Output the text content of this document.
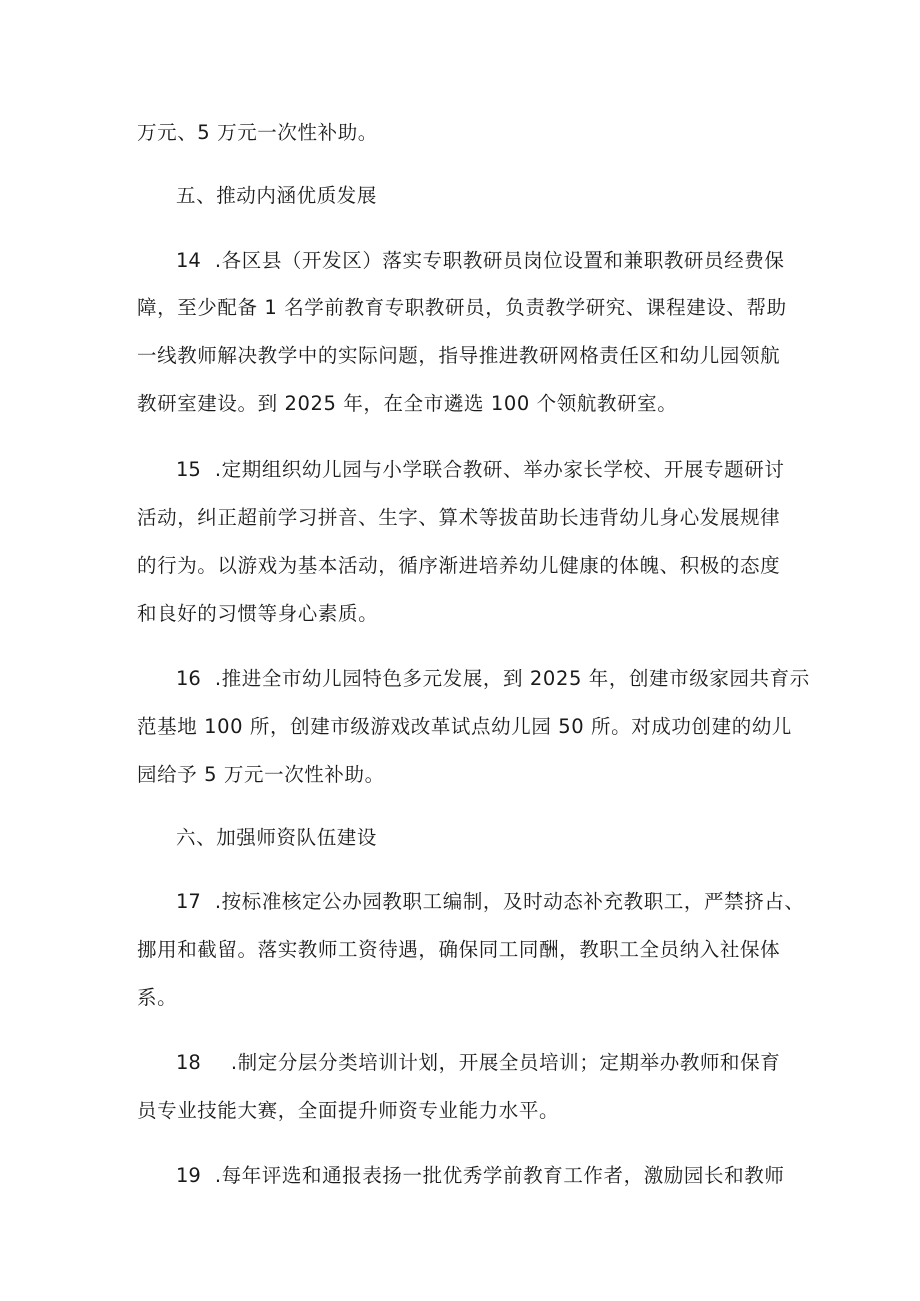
万元、5 万元一次性补助。
五、推动内涵优质发展
14 .各区县（开发区）落实专职教研员岗位设置和兼职教研员经费保
障，至少配备 1 名学前教育专职教研员，负责教学研究、课程建设、帮助
一线教师解决教学中的实际问题，指导推进教研网格责任区和幼儿园领航
教研室建设。到 2025 年，在全市遴选 100 个领航教研室。
15 .定期组织幼儿园与小学联合教研、举办家长学校、开展专题研讨
活动，纠正超前学习拼音、生字、算术等拔苗助长违背幼儿身心发展规律
的行为。以游戏为基本活动，循序渐进培养幼儿健康的体魄、积极的态度
和良好的习惯等身心素质。
16 .推进全市幼儿园特色多元发展，到 2025 年，创建市级家园共育示
范基地 100 所，创建市级游戏改革试点幼儿园 50 所。对成功创建的幼儿
园给予 5 万元一次性补助。
六、加强师资队伍建设
17 .按标准核定公办园教职工编制，及时动态补充教职工，严禁挤占、
挪用和截留。落实教师工资待遇，确保同工同酬，教职工全员纳入社保体
系。
18 .制定分层分类培训计划，开展全员培训；定期举办教师和保育
员专业技能大赛，全面提升师资专业能力水平。
19 .每年评选和通报表扬一批优秀学前教育工作者，激励园长和教师
